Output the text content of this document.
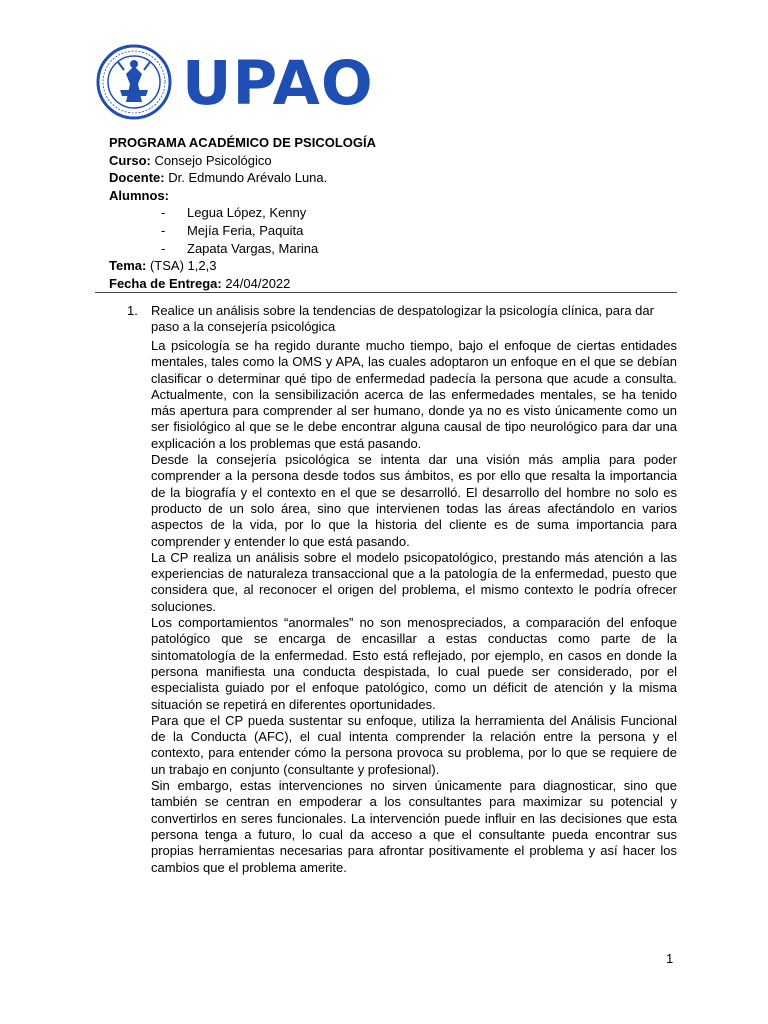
UPAO
PROGRAMA ACADÉMICO DE PSICOLOGÍA
Curso: Consejo Psicológico
Docente: Dr. Edmundo Arévalo Luna.
Alumnos:
- Legua López, Kenny
- Mejía Feria, Paquita
- Zapata Vargas, Marina
Tema: (TSA) 1,2,3
Fecha de Entrega: 24/04/2022
1. Realice un análisis sobre la tendencias de despatologizar la psicología clínica, para dar paso a la consejería psicológica

La psicología se ha regido durante mucho tiempo, bajo el enfoque de ciertas entidades mentales, tales como la OMS y APA, las cuales adoptaron un enfoque en el que se debían clasificar o determinar qué tipo de enfermedad padecía la persona que acude a consulta. Actualmente, con la sensibilización acerca de las enfermedades mentales, se ha tenido más apertura para comprender al ser humano, donde ya no es visto únicamente como un ser fisiológico al que se le debe encontrar alguna causal de tipo neurológico para dar una explicación a los problemas que está pasando.

Desde la consejería psicológica se intenta dar una visión más amplia para poder comprender a la persona desde todos sus ámbitos, es por ello que resalta la importancia de la biografía y el contexto en el que se desarrolló. El desarrollo del hombre no solo es producto de un solo área, sino que intervienen todas las áreas afectándolo en varios aspectos de la vida, por lo que la historia del cliente es de suma importancia para comprender y entender lo que está pasando.

La CP realiza un análisis sobre el modelo psicopatológico, prestando más atención a las experiencias de naturaleza transaccional que a la patología de la enfermedad, puesto que considera que, al reconocer el origen del problema, el mismo contexto le podría ofrecer soluciones.

Los comportamientos “anormales” no son menospreciados, a comparación del enfoque patológico que se encarga de encasillar a estas conductas como parte de la sintomatología de la enfermedad. Esto está reflejado, por ejemplo, en casos en donde la persona manifiesta una conducta despistada, lo cual puede ser considerado, por el especialista guiado por el enfoque patológico, como un déficit de atención y la misma situación se repetirá en diferentes oportunidades.

Para que el CP pueda sustentar su enfoque, utiliza la herramienta del Análisis Funcional de la Conducta (AFC), el cual intenta comprender la relación entre la persona y el contexto, para entender cómo la persona provoca su problema, por lo que se requiere de un trabajo en conjunto (consultante y profesional).

Sin embargo, estas intervenciones no sirven únicamente para diagnosticar, sino que también se centran en empoderar a los consultantes para maximizar su potencial y convertirlos en seres funcionales. La intervención puede influir en las decisiones que esta persona tenga a futuro, lo cual da acceso a que el consultante pueda encontrar sus propias herramientas necesarias para afrontar positivamente el problema y así hacer los cambios que el problema amerite.

1
